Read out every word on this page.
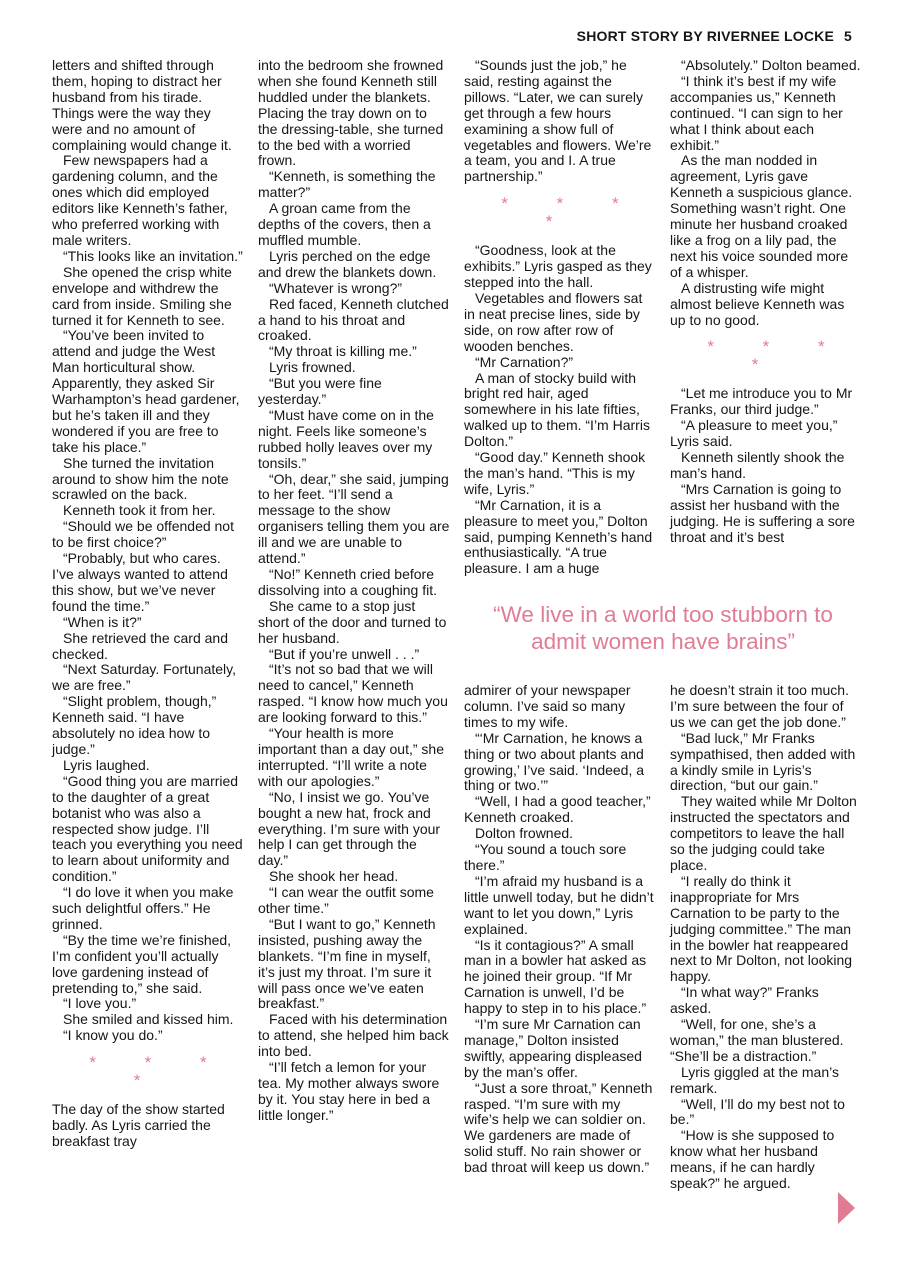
SHORT STORY BY RIVERNEE LOCKE 5

letters and shifted through them, hoping to distract her husband from his tirade. Things were the way they were and no amount of complaining would change it.

Few newspapers had a gardening column, and the ones which did employed editors like Kenneth’s father, who preferred working with male writers.

“This looks like an invitation.”

She opened the crisp white envelope and withdrew the card from inside. Smiling she turned it for Kenneth to see.

“You’ve been invited to attend and judge the West Man horticultural show. Apparently, they asked Sir Warhampton’s head gardener, but he’s taken ill and they wondered if you are free to take his place.”

She turned the invitation around to show him the note scrawled on the back.

Kenneth took it from her.

“Should we be offended not to be first choice?”

“Probably, but who cares. I’ve always wanted to attend this show, but we’ve never found the time.”

“When is it?”

She retrieved the card and checked.

“Next Saturday. Fortunately, we are free.”

“Slight problem, though,” Kenneth said. “I have absolutely no idea how to judge.”

Lyris laughed.

“Good thing you are married to the daughter of a great botanist who was also a respected show judge. I’ll teach you everything you need to learn about uniformity and condition.”

“I do love it when you make such delightful offers.” He grinned.

“By the time we’re finished, I’m confident you’ll actually love gardening instead of pretending to,” she said.

“I love you.”

She smiled and kissed him.

“I know you do.”

* * * *

The day of the show started badly. As Lyris carried the breakfast tray

into the bedroom she frowned when she found Kenneth still huddled under the blankets. Placing the tray down on to the dressing-table, she turned to the bed with a worried frown.

“Kenneth, is something the matter?”

A groan came from the depths of the covers, then a muffled mumble.

Lyris perched on the edge and drew the blankets down.

“Whatever is wrong?”

Red faced, Kenneth clutched a hand to his throat and croaked.

“My throat is killing me.”

Lyris frowned.

“But you were fine yesterday.”

“Must have come on in the night. Feels like someone’s rubbed holly leaves over my tonsils.”

“Oh, dear,” she said, jumping to her feet. “I’ll send a message to the show organisers telling them you are ill and we are unable to attend.”

“No!” Kenneth cried before dissolving into a coughing fit.

She came to a stop just short of the door and turned to her husband.

“But if you’re unwell . . .”

“It’s not so bad that we will need to cancel,” Kenneth rasped. “I know how much you are looking forward to this.”

“Your health is more important than a day out,” she interrupted. “I’ll write a note with our apologies.”

“No, I insist we go. You’ve bought a new hat, frock and everything. I’m sure with your help I can get through the day.”

She shook her head.

“I can wear the outfit some other time.”

“But I want to go,” Kenneth insisted, pushing away the blankets. “I’m fine in myself, it’s just my throat. I’m sure it will pass once we’ve eaten breakfast.”

Faced with his determination to attend, she helped him back into bed.

“I’ll fetch a lemon for your tea. My mother always swore by it. You stay here in bed a little longer.”

“Sounds just the job,” he said, resting against the pillows. “Later, we can surely get through a few hours examining a show full of vegetables and flowers. We’re a team, you and I. A true partnership.”

* * * *

“Goodness, look at the exhibits.” Lyris gasped as they stepped into the hall.

Vegetables and flowers sat in neat precise lines, side by side, on row after row of wooden benches.

“Mr Carnation?”

A man of stocky build with bright red hair, aged somewhere in his late fifties, walked up to them. “I’m Harris Dolton.”

“Good day.” Kenneth shook the man’s hand. “This is my wife, Lyris.”

“Mr Carnation, it is a pleasure to meet you,” Dolton said, pumping Kenneth’s hand enthusiastically. “A true pleasure. I am a huge

“Absolutely.” Dolton beamed.

“I think it’s best if my wife accompanies us,” Kenneth continued. “I can sign to her what I think about each exhibit.”

As the man nodded in agreement, Lyris gave Kenneth a suspicious glance. Something wasn’t right. One minute her husband croaked like a frog on a lily pad, the next his voice sounded more of a whisper.

A distrusting wife might almost believe Kenneth was up to no good.

* * * *

“Let me introduce you to Mr Franks, our third judge.”

“A pleasure to meet you,” Lyris said.

Kenneth silently shook the man’s hand.

“Mrs Carnation is going to assist her husband with the judging. He is suffering a sore throat and it’s best

“We live in a world too stubborn to admit women have brains”

admirer of your newspaper column. I’ve said so many times to my wife.

“‘Mr Carnation, he knows a thing or two about plants and growing,’ I’ve said. ‘Indeed, a thing or two.’”

“Well, I had a good teacher,” Kenneth croaked.

Dolton frowned.

“You sound a touch sore there.”

“I’m afraid my husband is a little unwell today, but he didn’t want to let you down,” Lyris explained.

“Is it contagious?” A small man in a bowler hat asked as he joined their group. “If Mr Carnation is unwell, I’d be happy to step in to his place.”

“I’m sure Mr Carnation can manage,” Dolton insisted swiftly, appearing displeased by the man’s offer.

“Just a sore throat,” Kenneth rasped. “I’m sure with my wife’s help we can soldier on. We gardeners are made of solid stuff. No rain shower or bad throat will keep us down.”

he doesn’t strain it too much. I’m sure between the four of us we can get the job done.”

“Bad luck,” Mr Franks sympathised, then added with a kindly smile in Lyris’s direction, “but our gain.”

They waited while Mr Dolton instructed the spectators and competitors to leave the hall so the judging could take place.

“I really do think it inappropriate for Mrs Carnation to be party to the judging committee.” The man in the bowler hat reappeared next to Mr Dolton, not looking happy.

“In what way?” Franks asked.

“Well, for one, she’s a woman,” the man blustered. “She’ll be a distraction.”

Lyris giggled at the man’s remark.

“Well, I’ll do my best not to be.”

“How is she supposed to know what her husband means, if he can hardly speak?” he argued.
